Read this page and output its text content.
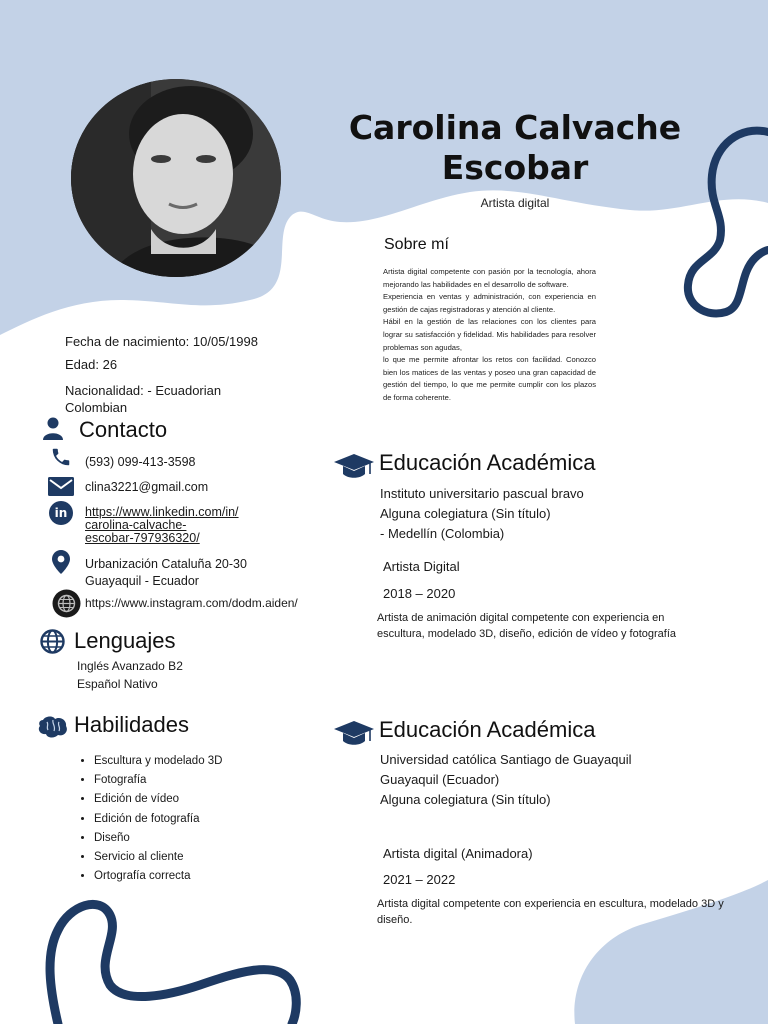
Carolina Calvache
Escobar
Artista digital
Sobre mí

Artista digital competente con pasión por la tecnología, ahora mejorando las habilidades en el desarrollo de software.

Experiencia en ventas y administración, con experiencia en gestión de cajas registradoras y atención al cliente.

Hábil en la gestión de las relaciones con los clientes para lograr su satisfacción y fidelidad. Mis habilidades para resolver problemas son agudas,

lo que me permite afrontar los retos con facilidad. Conozco bien los matices de las ventas y poseo una gran capacidad de gestión del tiempo, lo que me permite cumplir con los plazos de forma coherente.

Fecha de nacimiento: 10/05/1998
Edad: 26
Nacionalidad: - Ecuadorian
Colombian
Contacto
(593) 099-413-3598
clina3221@gmail.com
in	https://www.linkedin.com/in/
carolina-calvache-
escobar-797936320/
Urbanización Cataluña 20-30
Guayaquil - Ecuador
https://www.instagram.com/dodm.aiden/
Lenguajes
Inglés Avanzado B2
Español Nativo
Habilidades
• Escultura y modelado 3D
• Fotografía
• Edición de vídeo
• Edición de fotografía
• Diseño
• Servicio al cliente
• Ortografía correcta
Educación Académica
Instituto universitario pascual bravo
Alguna colegiatura (Sin título)
- Medellín (Colombia)
Artista Digital
2018 – 2020
Artista de animación digital competente con experiencia en escultura, modelado 3D, diseño, edición de vídeo y fotografía
Educación Académica
Universidad católica Santiago de Guayaquil
Guayaquil (Ecuador)
Alguna colegiatura (Sin título)
Artista digital (Animadora)
2021 – 2022
Artista digital competente con experiencia en escultura, modelado 3D y diseño.
